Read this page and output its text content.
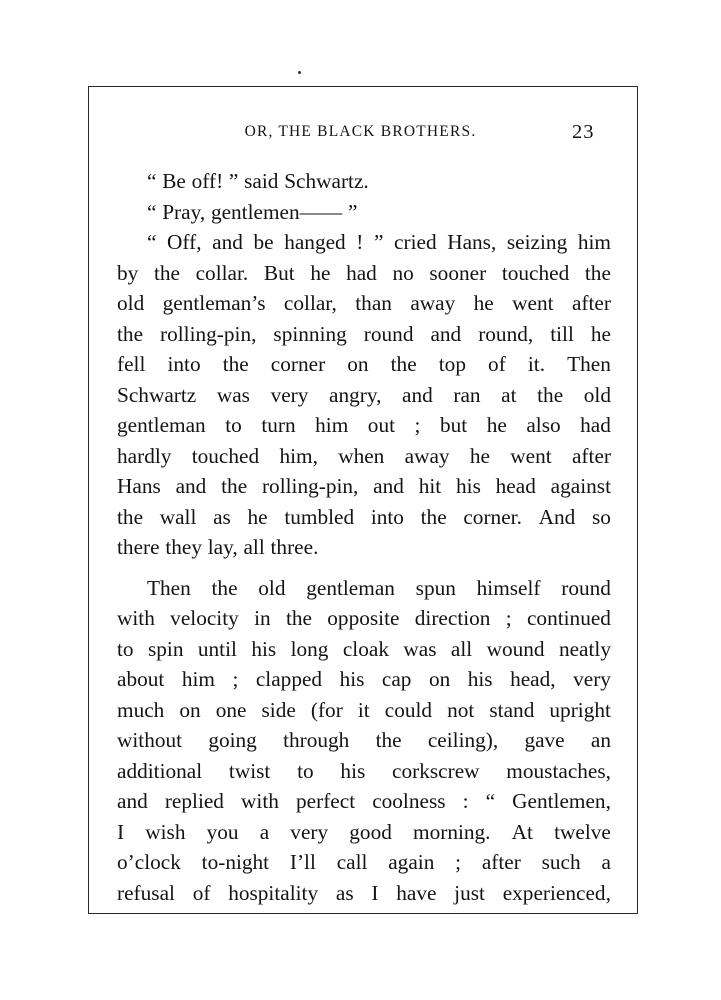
OR, THE BLACK BROTHERS.	23
“ Be off! ” said Schwartz.
“ Pray, gentlemen—— ”
“ Off, and be hanged ! ” cried Hans, seizing him
by the collar. But he had no sooner touched the
old gentleman’s collar, than away he went after
the rolling-pin, spinning round and round, till he
fell into the corner on the top of it. Then
Schwartz was very angry, and ran at the old
gentleman to turn him out ; but he also had
hardly touched him, when away he went after
Hans and the rolling-pin, and hit his head against
the wall as he tumbled into the corner. And so
there they lay, all three.
Then the old gentleman spun himself round
with velocity in the opposite direction ; continued
to spin until his long cloak was all wound neatly
about him ; clapped his cap on his head, very
much on one side (for it could not stand upright
without going through the ceiling), gave an
additional twist to his corkscrew moustaches,
and replied with perfect coolness : “ Gentlemen,
I wish you a very good morning. At twelve
o’clock to-night I’ll call again ; after such a
refusal of hospitality as I have just experienced,
